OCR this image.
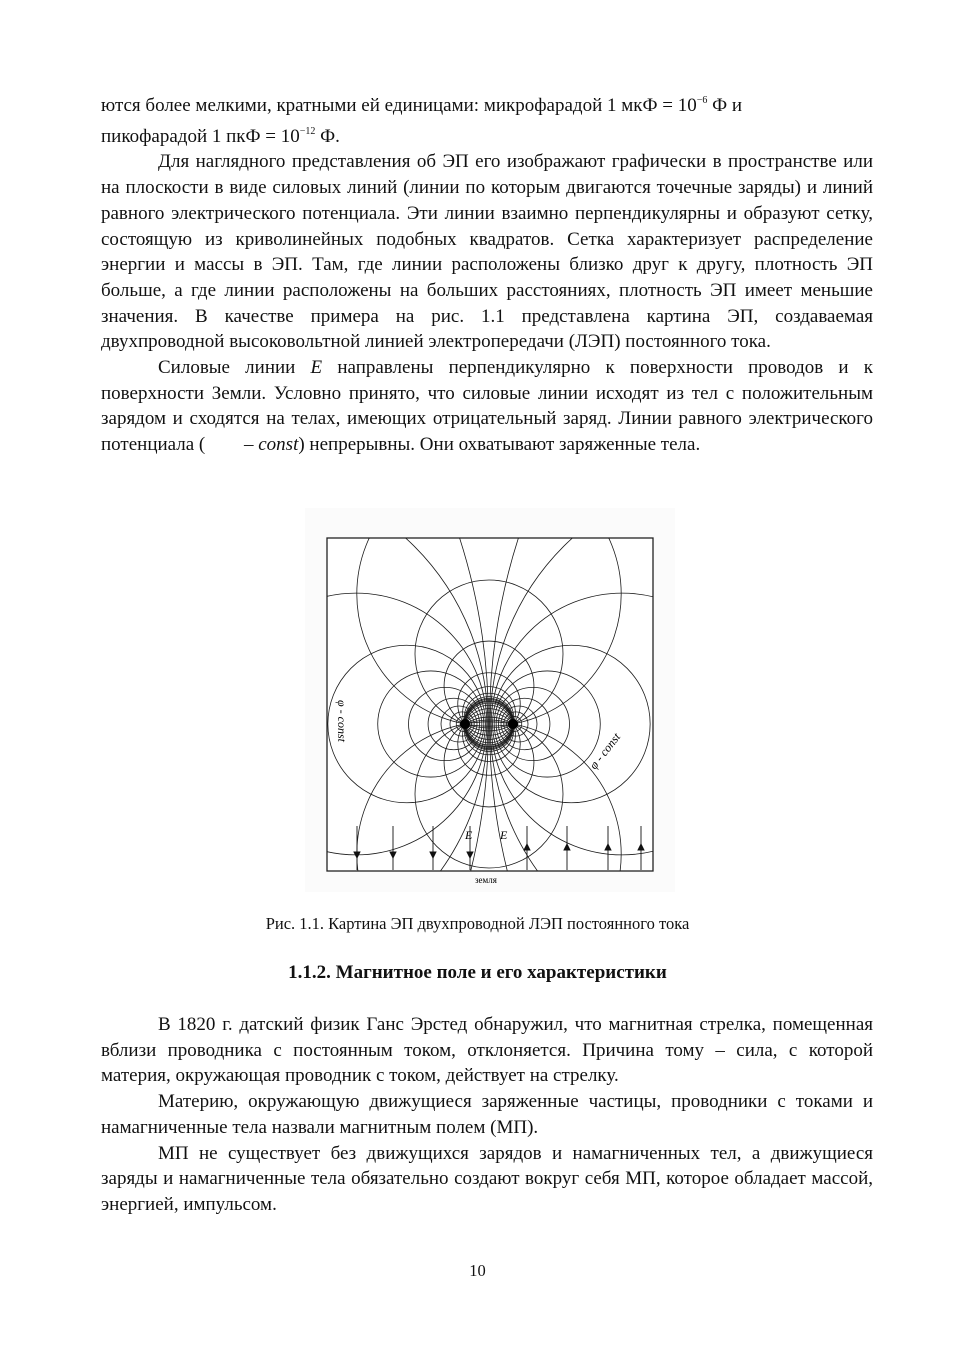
ются более мелкими, кратными ей единицами: микрофарадой 1 мкФ = $10^{-6}$ Ф и
пикофарадой 1 пкФ = $10^{-12}$ Ф.

Для наглядного представления об ЭП его изображают графически в пространстве или на плоскости в виде силовых линий (линии по которым двигаются точечные заряды) и линий равного электрического потенциала. Эти линии взаимно перпендикулярны и образуют сетку, состоящую из криволинейных подобных квадратов. Сетка характеризует распределение энергии и массы в ЭП. Там, где линии расположены близко друг к другу, плотность ЭП больше, а где линии расположены на больших расстояниях, плотность ЭП имеет меньшие значения. В качестве примера на рис. 1.1 представлена картина ЭП, создаваемая двухпроводной высоковольтной линией электропередачи (ЛЭП) постоянного тока.

Силовые линии E направлены перпендикулярно к поверхности проводов и к поверхности Земли. Условно принято, что силовые линии исходят из тел с положительным зарядом и сходятся на телах, имеющих отрицательный заряд. Линии равного электрического потенциала ( – const) непрерывны. Они охватывают заряженные тела.

φ - const
φ - const
E E
земля

Рис. 1.1. Картина ЭП двухпроводной ЛЭП постоянного тока

1.1.2. Магнитное поле и его характеристики

В 1820 г. датский физик Ганс Эрстед обнаружил, что магнитная стрелка, помещенная вблизи проводника с постоянным током, отклоняется. Причина тому – сила, с которой материя, окружающая проводник с током, действует на стрелку.

Материю, окружающую движущиеся заряженные частицы, проводники с токами и намагниченные тела назвали магнитным полем (МП).

МП не существует без движущихся зарядов и намагниченных тел, а движущиеся заряды и намагниченные тела обязательно создают вокруг себя МП, которое обладает массой, энергией, импульсом.

10
